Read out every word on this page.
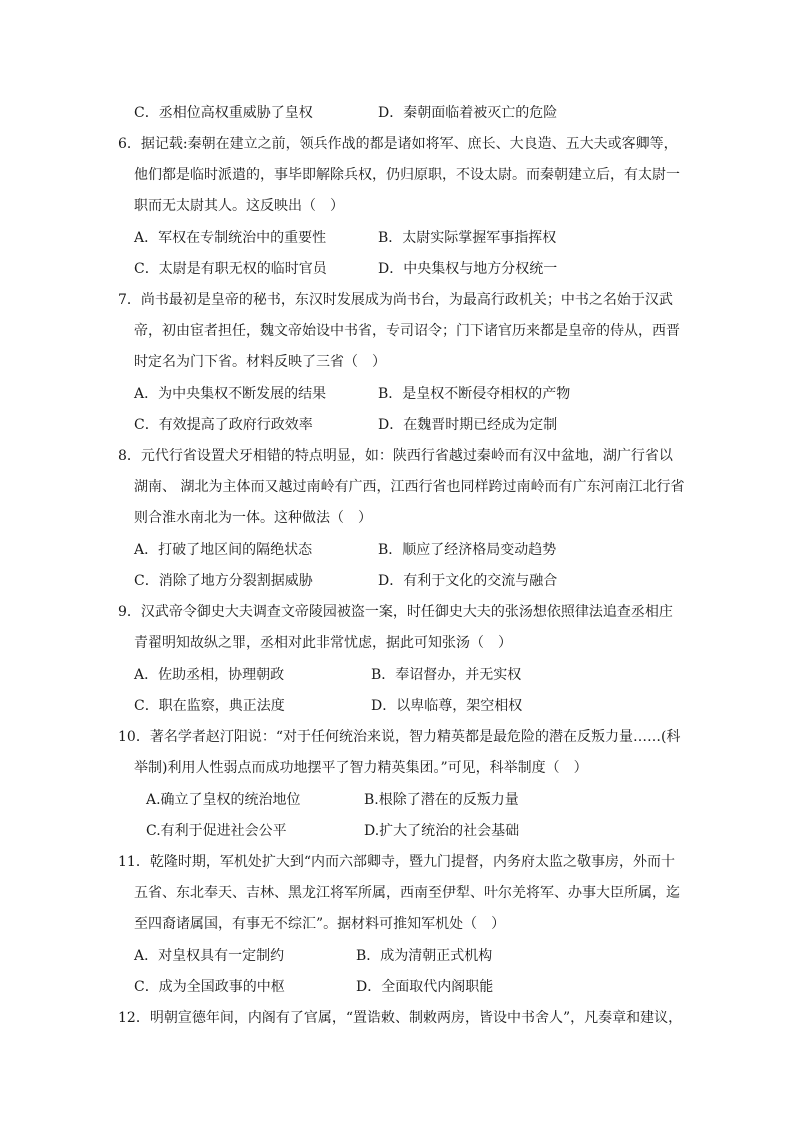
C．丞相位高权重威胁了皇权	D．秦朝面临着被灭亡的危险
6．据记载:秦朝在建立之前，领兵作战的都是诸如将军、庶长、大良造、五大夫或客卿等，
他们都是临时派遣的，事毕即解除兵权，仍归原职，不设太尉。而秦朝建立后，有太尉一
职而无太尉其人。这反映出（　）
A．军权在专制统治中的重要性	B．太尉实际掌握军事指挥权
C．太尉是有职无权的临时官员	D．中央集权与地方分权统一
7．尚书最初是皇帝的秘书，东汉时发展成为尚书台，为最高行政机关；中书之名始于汉武
帝，初由宦者担任，魏文帝始设中书省，专司诏令；门下诸官历来都是皇帝的侍从，西晋
时定名为门下省。材料反映了三省（　）
A．为中央集权不断发展的结果	B．是皇权不断侵夺相权的产物
C．有效提高了政府行政效率	D．在魏晋时期已经成为定制
8．元代行省设置犬牙相错的特点明显，如：陕西行省越过秦岭而有汉中盆地，湖广行省以
湖南、 湖北为主体而又越过南岭有广西，江西行省也同样跨过南岭而有广东河南江北行省
则合淮水南北为一体。这种做法（　）
A．打破了地区间的隔绝状态	B．顺应了经济格局变动趋势
C．消除了地方分裂割据威胁	D．有利于文化的交流与融合
9．汉武帝令御史大夫调查文帝陵园被盗一案，时任御史大夫的张汤想依照律法追查丞相庄
青翟明知故纵之罪，丞相对此非常忧虑，据此可知张汤（　）
A．佐助丞相，协理朝政	B．奉诏督办，并无实权
C．职在监察，典正法度	D．以卑临尊，架空相权
10．著名学者赵汀阳说：“对于任何统治来说，智力精英都是最危险的潜在反叛力量……(科
举制)利用人性弱点而成功地摆平了智力精英集团。”可见，科举制度（　）
A.确立了皇权的统治地位	B.根除了潜在的反叛力量
C.有利于促进社会公平	D.扩大了统治的社会基础
11．乾隆时期，军机处扩大到“内而六部卿寺，暨九门提督，内务府太监之敬事房，外而十
五省、东北奉天、吉林、黑龙江将军所属，西南至伊犁、叶尔羌将军、办事大臣所属，迄
至四裔诸属国，有事无不综汇”。据材料可推知军机处（　）
A．对皇权具有一定制约	B．成为清朝正式机构
C．成为全国政事的中枢	D．全面取代内阁职能
12．明朝宣德年间，内阁有了官属，“置诰敕、制敕两房，皆设中书舍人”，凡奏章和建议，
